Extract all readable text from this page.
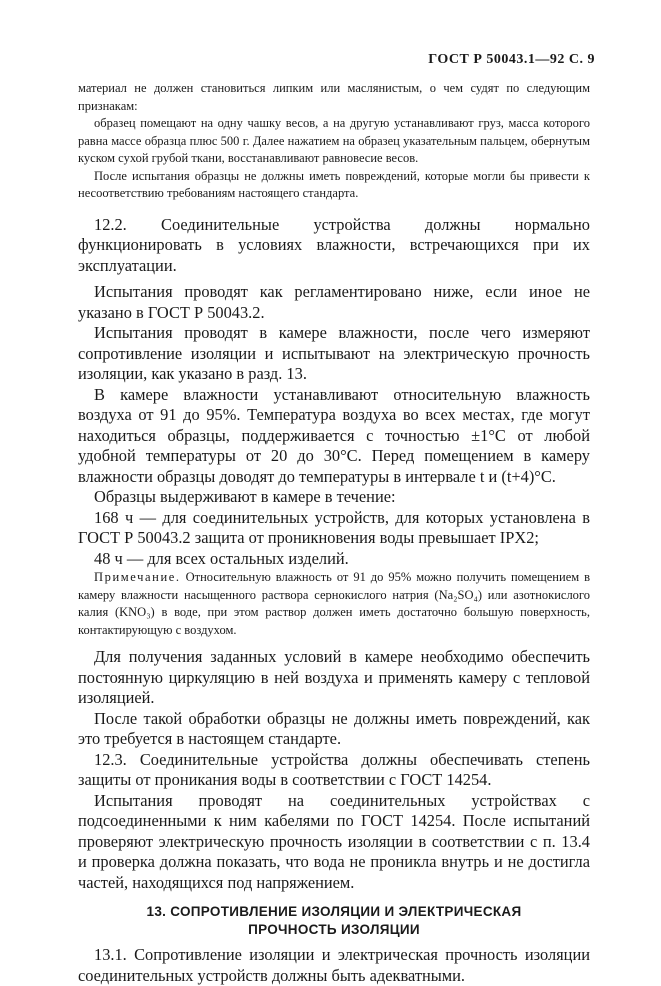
ГОСТ Р 50043.1—92 С. 9

материал не должен становиться липким или маслянистым, о чем судят по следующим признакам:

образец помещают на одну чашку весов, а на другую устанавливают груз, масса которого равна массе образца плюс 500 г. Далее нажатием на образец указательным пальцем, обернутым куском сухой грубой ткани, восстанавливают равновесие весов.

После испытания образцы не должны иметь повреждений, которые могли бы привести к несоответствию требованиям настоящего стандарта.

12.2. Соединительные устройства должны нормально функционировать в условиях влажности, встречающихся при их эксплуатации.

Испытания проводят как регламентировано ниже, если иное не указано в ГОСТ Р 50043.2.

Испытания проводят в камере влажности, после чего измеряют сопротивление изоляции и испытывают на электрическую прочность изоляции, как указано в разд. 13.

В камере влажности устанавливают относительную влажность воздуха от 91 до 95%. Температура воздуха во всех местах, где могут находиться образцы, поддерживается с точностью ±1°С от любой удобной температуры от 20 до 30°С. Перед помещением в камеру влажности образцы доводят до температуры в интервале t и (t+4)°С.

Образцы выдерживают в камере в течение:

168 ч — для соединительных устройств, для которых установлена в ГОСТ Р 50043.2 защита от проникновения воды превышает IPX2;

48 ч — для всех остальных изделий.

Примечание. Относительную влажность от 91 до 95% можно получить помещением в камеру влажности насыщенного раствора сернокислого натрия (Na₂SO₄) или азотнокислого калия (KNO₃) в воде, при этом раствор должен иметь достаточно большую поверхность, контактирующую с воздухом.

Для получения заданных условий в камере необходимо обеспечить постоянную циркуляцию в ней воздуха и применять камеру с тепловой изоляцией.

После такой обработки образцы не должны иметь повреждений, как это требуется в настоящем стандарте.

12.3. Соединительные устройства должны обеспечивать степень защиты от проникания воды в соответствии с ГОСТ 14254.

Испытания проводят на соединительных устройствах с подсоединенными к ним кабелями по ГОСТ 14254. После испытаний проверяют электрическую прочность изоляции в соответствии с п. 13.4 и проверка должна показать, что вода не проникла внутрь и не достигла частей, находящихся под напряжением.

13. СОПРОТИВЛЕНИЕ ИЗОЛЯЦИИ И ЭЛЕКТРИЧЕСКАЯ
ПРОЧНОСТЬ ИЗОЛЯЦИИ

13.1. Сопротивление изоляции и электрическая прочность изоляции соединительных устройств должны быть адекватными.
